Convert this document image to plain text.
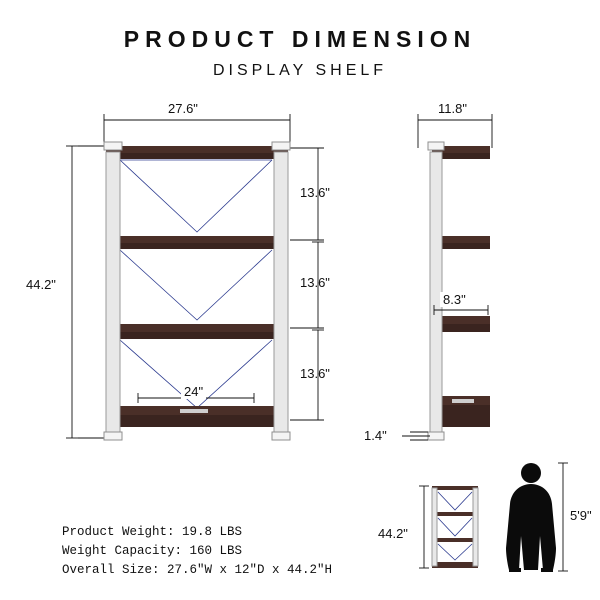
PRODUCT DIMENSION
DISPLAY SHELF
27.6"
44.2"
13.6"
13.6"
13.6"
24"
11.8"
8.3"
1.4"
44.2"
5'9"
Product Weight: 19.8 LBS
Weight Capacity: 160 LBS
Overall Size: 27.6"W x 12"D x 44.2"H
